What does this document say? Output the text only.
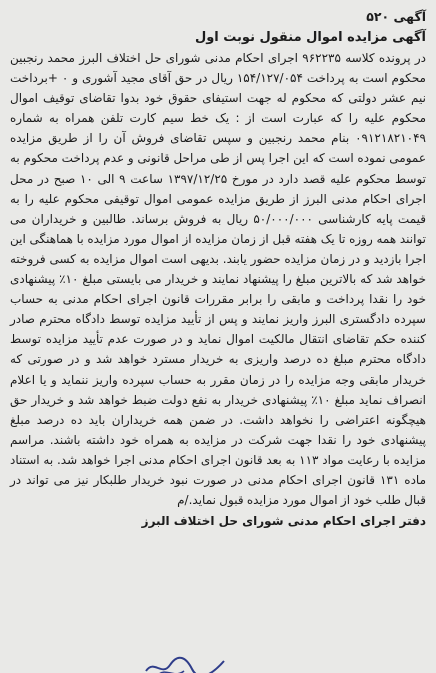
آگهی ۵۲۰
آگهی مزایده اموال منقول نوبت اول

در پرونده کلاسه ۹۶۲۲۳۵ اجرای احکام مدنی شورای حل اختلاف البرز محمد رنجبین محکوم است به پرداخت ۱۵۴/۱۲۷/۰۵۴ ریال در حق آقای مجید آشوری و ۰ +برداخت نیم عشر دولتی که محکوم له جهت استیفای حقوق خود بدوا تقاضای توقیف اموال محکوم علیه را که عبارت است از : یک خط سیم کارت تلفن همراه به شماره ۰۹۱۲۱۸۲۱۰۴۹ بنام محمد رنجبین و سپس تقاضای فروش آن را از طریق مزایده عمومی نموده است که این اجرا پس از طی مراحل قانونی و عدم پرداخت محکوم به توسط محکوم علیه قصد دارد در مورخ ۱۳۹۷/۱۲/۲۵ ساعت ۹ الی ۱۰ صبح در محل اجرای احکام مدنی البرز از طریق مزایده عمومی اموال توقیفی محکوم علیه را به قیمت پایه کارشناسی ۵۰/۰۰۰/۰۰۰ ریال به فروش برساند. طالبین و خریداران می توانند همه روزه تا یک هفته قبل از زمان مزایده از اموال مورد مزایده با هماهنگی این اجرا بازدید و در زمان مزایده حضور یابند. بدیهی است اموال مزایده به کسی فروخته خواهد شد که بالاترین مبلغ را پیشنهاد نمایند و خریدار می بایستی مبلغ ۱۰٪ پیشنهادی خود را نقدا پرداخت و مابقی را برابر مقررات قانون اجرای احکام مدنی به حساب سپرده دادگستری البرز واریز نمایند و پس از تأیید مزایده توسط دادگاه محترم صادر کننده حکم تقاضای انتقال مالکیت اموال نماید و در صورت عدم تأیید مزایده توسط دادگاه محترم مبلغ ده درصد واریزی به خریدار مسترد خواهد شد و در صورتی که خریدار مابقی وجه مزایده را در زمان مقرر به حساب سپرده واریز ننماید و یا اعلام انصراف نماید مبلغ ۱۰٪ پیشنهادی خریدار به نفع دولت ضبط خواهد شد و خریدار حق هیچگونه اعتراضی را نخواهد داشت. در ضمن همه خریداران باید ده درصد مبلغ پیشنهادی خود را نقدا جهت شرکت در مزایده به همراه خود داشته باشند. مراسم مزایده با رعایت مواد ۱۱۳ به بعد قانون اجرای احکام مدنی اجرا خواهد شد. به استناد ماده ۱۳۱ قانون اجرای احکام مدنی در صورت نبود خریدار طلبکار نیز می تواند در قبال طلب خود از اموال مورد مزایده قبول نماید./م

دفتر اجرای احکام مدنی شورای حل اختلاف البرز
